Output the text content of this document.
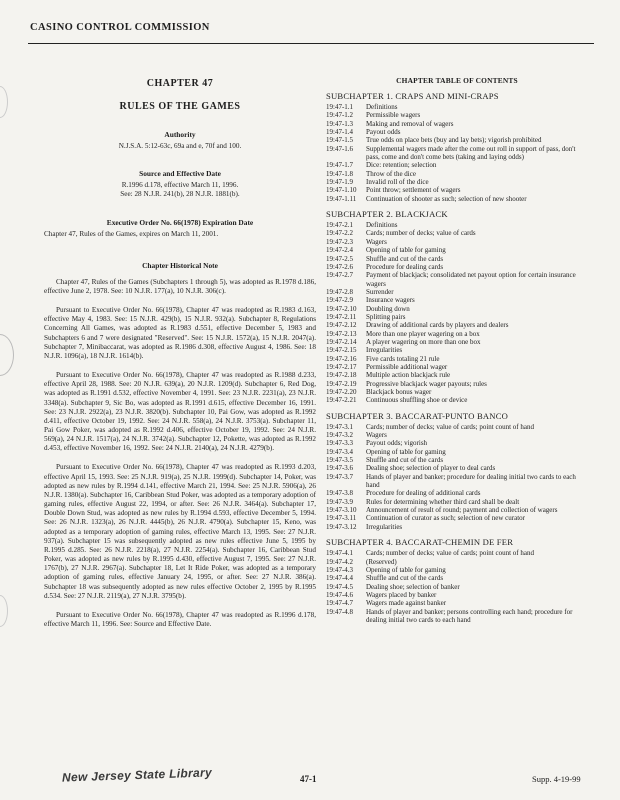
CASINO CONTROL COMMISSION
CHAPTER 47
RULES OF THE GAMES
Authority
N.J.S.A. 5:12-63c, 69a and e, 70f and 100.
Source and Effective Date
R.1996 d.178, effective March 11, 1996.
See: 28 N.J.R. 241(b), 28 N.J.R. 1881(b).
Executive Order No. 66(1978) Expiration Date
Chapter 47, Rules of the Games, expires on March 11, 2001.
Chapter Historical Note

Chapter 47, Rules of the Games (Subchapters 1 through 5), was adopted as R.1978 d.186, effective June 2, 1978. See: 10 N.J.R. 177(a), 10 N.J.R. 306(c).

Pursuant to Executive Order No. 66(1978), Chapter 47 was readopted as R.1983 d.163, effective May 4, 1983. See: 15 N.J.R. 429(b), 15 N.J.R. 932(a). Subchapter 8, Regulations Concerning All Games, was adopted as R.1983 d.551, effective December 5, 1983 and Subchapters 6 and 7 were designated "Reserved". See: 15 N.J.R. 1572(a), 15 N.J.R. 2047(a). Subchapter 7, Minibaccarat, was adopted as R.1986 d.308, effective August 4, 1986. See: 18 N.J.R. 1096(a), 18 N.J.R. 1614(b).

Pursuant to Executive Order No. 66(1978), Chapter 47 was readopted as R.1988 d.233, effective April 28, 1988. See: 20 N.J.R. 639(a), 20 N.J.R. 1209(d). Subchapter 6, Red Dog, was adopted as R.1991 d.532, effective November 4, 1991. See: 23 N.J.R. 2231(a), 23 N.J.R. 3348(a). Subchapter 9, Sic Bo, was adopted as R.1991 d.615, effective December 16, 1991. See: 23 N.J.R. 2922(a), 23 N.J.R. 3820(b). Subchapter 10, Pai Gow, was adopted as R.1992 d.411, effective October 19, 1992. See: 24 N.J.R. 558(a), 24 N.J.R. 3753(a). Subchapter 11, Pai Gow Poker, was adopted as R.1992 d.406, effective October 19, 1992. See: 24 N.J.R. 569(a), 24 N.J.R. 1517(a), 24 N.J.R. 3742(a). Subchapter 12, Pokette, was adopted as R.1992 d.453, effective November 16, 1992. See: 24 N.J.R. 2140(a), 24 N.J.R. 4279(b).

Pursuant to Executive Order No. 66(1978), Chapter 47 was readopted as R.1993 d.203, effective April 15, 1993. See: 25 N.J.R. 919(a), 25 N.J.R. 1999(d). Subchapter 14, Poker, was adopted as new rules by R.1994 d.141, effective March 21, 1994. See: 25 N.J.R. 5906(a), 26 N.J.R. 1380(a). Subchapter 16, Caribbean Stud Poker, was adopted as a temporary adoption of gaming rules, effective August 22, 1994, or after. See: 26 N.J.R. 3464(a). Subchapter 17, Double Down Stud, was adopted as new rules by R.1994 d.593, effective December 5, 1994. See: 26 N.J.R. 1323(a), 26 N.J.R. 4445(b), 26 N.J.R. 4790(a). Subchapter 15, Keno, was adopted as a temporary adoption of gaming rules, effective March 13, 1995. See: 27 N.J.R. 937(a). Subchapter 15 was subsequently adopted as new rules effective June 5, 1995 by R.1995 d.285. See: 26 N.J.R. 2218(a), 27 N.J.R. 2254(a). Subchapter 16, Caribbean Stud Poker, was adopted as new rules by R.1995 d.430, effective August 7, 1995. See: 27 N.J.R. 1767(b), 27 N.J.R. 2967(a). Subchapter 18, Let It Ride Poker, was adopted as a temporary adoption of gaming rules, effective January 24, 1995, or after. See: 27 N.J.R. 386(a). Subchapter 18 was subsequently adopted as new rules effective October 2, 1995 by R.1995 d.534. See: 27 N.J.R. 2119(a), 27 N.J.R. 3795(b).

Pursuant to Executive Order No. 66(1978), Chapter 47 was readopted as R.1996 d.178, effective March 11, 1996. See: Source and Effective Date.

CHAPTER TABLE OF CONTENTS
SUBCHAPTER 1. CRAPS AND MINI-CRAPS
19:47-1.1	Definitions
19:47-1.2	Permissible wagers
19:47-1.3	Making and removal of wagers
19:47-1.4	Payout odds
19:47-1.5	True odds on place bets (buy and lay bets); vigorish prohibited
19:47-1.6	Supplemental wagers made after the come out roll in support of pass, don't pass, come and don't come bets (taking and laying odds)
19:47-1.7	Dice: retention; selection
19:47-1.8	Throw of the dice
19:47-1.9	Invalid roll of the dice
19:47-1.10	Point throw; settlement of wagers
19:47-1.11	Continuation of shooter as such; selection of new shooter
SUBCHAPTER 2. BLACKJACK
19:47-2.1	Definitions
19:47-2.2	Cards; number of decks; value of cards
19:47-2.3	Wagers
19:47-2.4	Opening of table for gaming
19:47-2.5	Shuffle and cut of the cards
19:47-2.6	Procedure for dealing cards
19:47-2.7	Payment of blackjack; consolidated net payout option for certain insurance wagers
19:47-2.8	Surrender
19:47-2.9	Insurance wagers
19:47-2.10	Doubling down
19:47-2.11	Splitting pairs
19:47-2.12	Drawing of additional cards by players and dealers
19:47-2.13	More than one player wagering on a box
19:47-2.14	A player wagering on more than one box
19:47-2.15	Irregularities
19:47-2.16	Five cards totaling 21 rule
19:47-2.17	Permissible additional wager
19:47-2.18	Multiple action blackjack rule
19:47-2.19	Progressive blackjack wager payouts; rules
19:47-2.20	Blackjack bonus wager
19:47-2.21	Continuous shuffling shoe or device
SUBCHAPTER 3. BACCARAT-PUNTO BANCO
19:47-3.1	Cards; number of decks; value of cards; point count of hand
19:47-3.2	Wagers
19:47-3.3	Payout odds; vigorish
19:47-3.4	Opening of table for gaming
19:47-3.5	Shuffle and cut of the cards
19:47-3.6	Dealing shoe; selection of player to deal cards
19:47-3.7	Hands of player and banker; procedure for dealing initial two cards to each hand
19:47-3.8	Procedure for dealing of additional cards
19:47-3.9	Rules for determining whether third card shall be dealt
19:47-3.10	Announcement of result of round; payment and collection of wagers
19:47-3.11	Continuation of curator as such; selection of new curator
19:47-3.12	Irregularities
SUBCHAPTER 4. BACCARAT-CHEMIN DE FER
19:47-4.1	Cards; number of decks; value of cards; point count of hand
19:47-4.2	(Reserved)
19:47-4.3	Opening of table for gaming
19:47-4.4	Shuffle and cut of the cards
19:47-4.5	Dealing shoe; selection of banker
19:47-4.6	Wagers placed by banker
19:47-4.7	Wagers made against banker
19:47-4.8	Hands of player and banker; persons controlling each hand; procedure for dealing initial two cards to each hand
New Jersey State Library	47-1	Supp. 4-19-99
